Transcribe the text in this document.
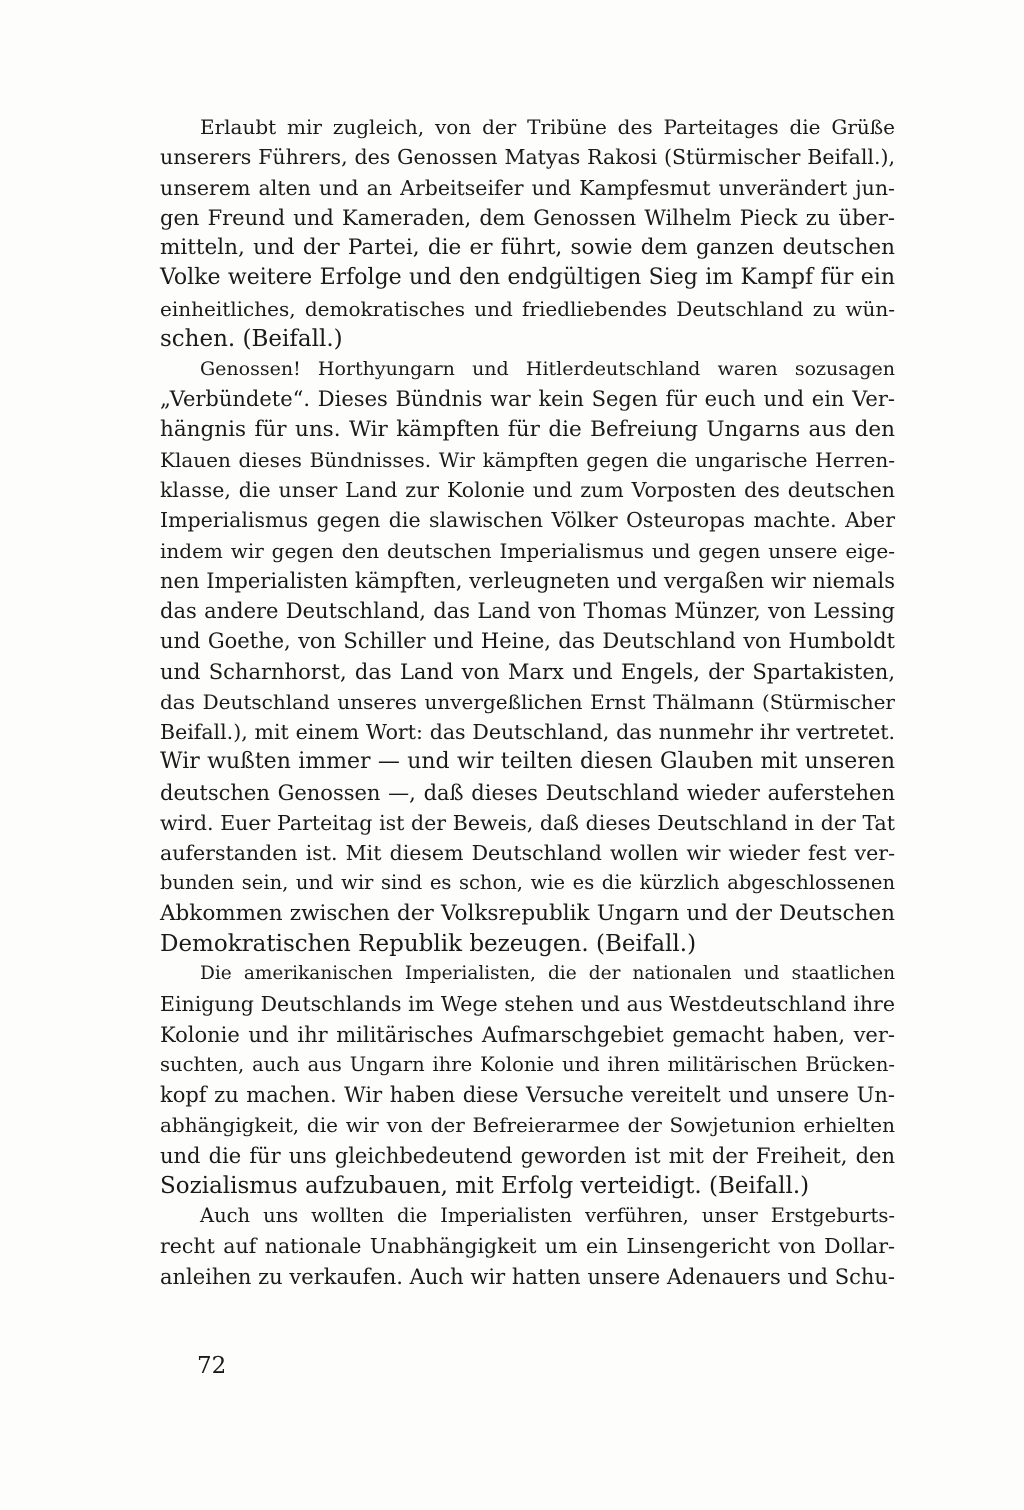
Erlaubt mir zugleich, von der Tribüne des Parteitages die Grüße
unserers Führers, des Genossen Matyas Rakosi (Stürmischer Beifall.),
unserem alten und an Arbeitseifer und Kampfesmut unverändert jun-
gen Freund und Kameraden, dem Genossen Wilhelm Pieck zu über-
mitteln, und der Partei, die er führt, sowie dem ganzen deutschen
Volke weitere Erfolge und den endgültigen Sieg im Kampf für ein
einheitliches, demokratisches und friedliebendes Deutschland zu wün-
schen. (Beifall.)
Genossen! Horthyungarn und Hitlerdeutschland waren sozusagen
„Verbündete“. Dieses Bündnis war kein Segen für euch und ein Ver-
hängnis für uns. Wir kämpften für die Befreiung Ungarns aus den
Klauen dieses Bündnisses. Wir kämpften gegen die ungarische Herren-
klasse, die unser Land zur Kolonie und zum Vorposten des deutschen
Imperialismus gegen die slawischen Völker Osteuropas machte. Aber
indem wir gegen den deutschen Imperialismus und gegen unsere eige-
nen Imperialisten kämpften, verleugneten und vergaßen wir niemals
das andere Deutschland, das Land von Thomas Münzer, von Lessing
und Goethe, von Schiller und Heine, das Deutschland von Humboldt
und Scharnhorst, das Land von Marx und Engels, der Spartakisten,
das Deutschland unseres unvergeßlichen Ernst Thälmann (Stürmischer
Beifall.), mit einem Wort: das Deutschland, das nunmehr ihr vertretet.
Wir wußten immer — und wir teilten diesen Glauben mit unseren
deutschen Genossen —, daß dieses Deutschland wieder auferstehen
wird. Euer Parteitag ist der Beweis, daß dieses Deutschland in der Tat
auferstanden ist. Mit diesem Deutschland wollen wir wieder fest ver-
bunden sein, und wir sind es schon, wie es die kürzlich abgeschlossenen
Abkommen zwischen der Volksrepublik Ungarn und der Deutschen
Demokratischen Republik bezeugen. (Beifall.)
Die amerikanischen Imperialisten, die der nationalen und staatlichen
Einigung Deutschlands im Wege stehen und aus Westdeutschland ihre
Kolonie und ihr militärisches Aufmarschgebiet gemacht haben, ver-
suchten, auch aus Ungarn ihre Kolonie und ihren militärischen Brücken-
kopf zu machen. Wir haben diese Versuche vereitelt und unsere Un-
abhängigkeit, die wir von der Befreierarmee der Sowjetunion erhielten
und die für uns gleichbedeutend geworden ist mit der Freiheit, den
Sozialismus aufzubauen, mit Erfolg verteidigt. (Beifall.)
Auch uns wollten die Imperialisten verführen, unser Erstgeburts-
recht auf nationale Unabhängigkeit um ein Linsengericht von Dollar-
anleihen zu verkaufen. Auch wir hatten unsere Adenauers und Schu-
72
